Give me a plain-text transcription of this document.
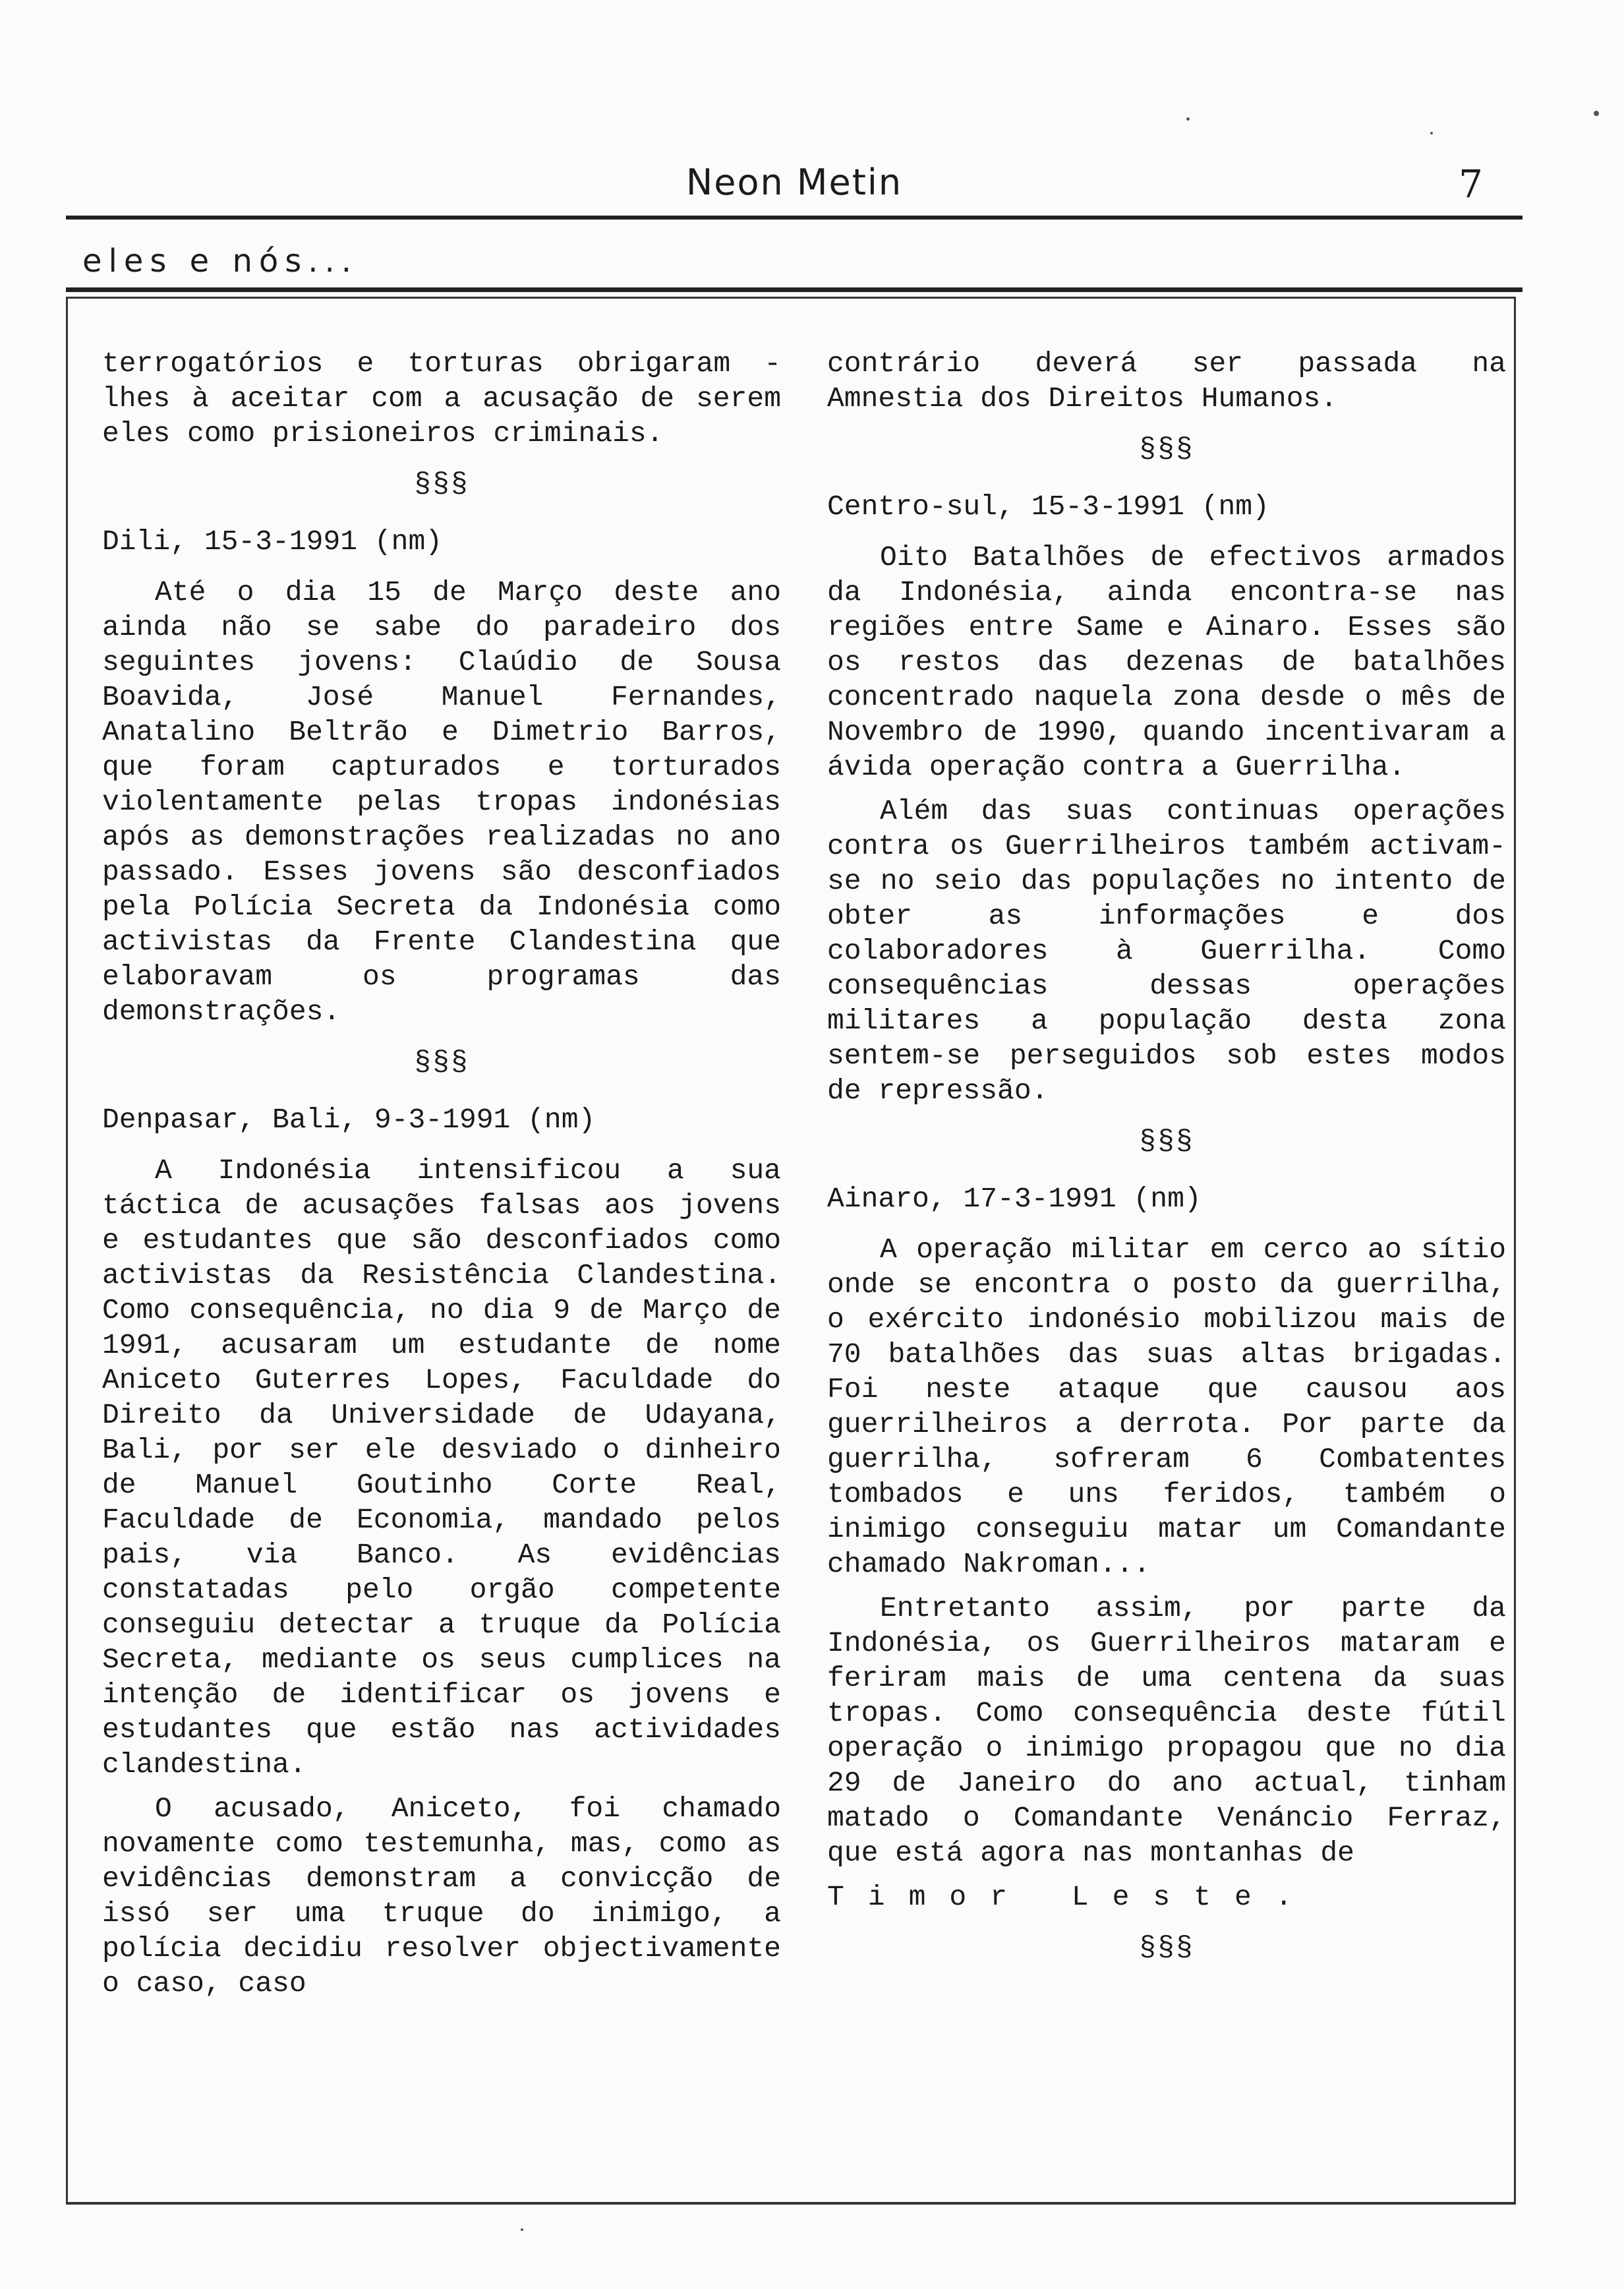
Neon Metin	7
eles e nós...

terrogatórios e torturas obrigaram -lhes à aceitar com a acusação de serem eles como prisioneiros criminais.

§§§
Dili, 15-3-1991 (nm)

Até o dia 15 de Março deste ano ainda não se sabe do paradeiro dos seguintes jovens: Claúdio de Sousa Boavida, José Manuel Fernandes, Anatalino Beltrão e Dimetrio Barros, que foram capturados e torturados violentamente pelas tropas indonésias após as demonstrações realizadas no ano passado. Esses jovens são desconfiados pela Polícia Secreta da Indonésia como activistas da Frente Clandestina que elaboravam os programas das demonstrações.

§§§
Denpasar, Bali, 9-3-1991 (nm)

A Indonésia intensificou a sua táctica de acusações falsas aos jovens e estudantes que são desconfiados como activistas da Resistência Clandestina. Como consequência, no dia 9 de Março de 1991, acusaram um estudante de nome Aniceto Guterres Lopes, Faculdade do Direito da Universidade de Udayana, Bali, por ser ele desviado o dinheiro de Manuel Goutinho Corte Real, Faculdade de Economia, mandado pelos pais, via Banco. As evidências constatadas pelo orgão competente conseguiu detectar a truque da Polícia Secreta, mediante os seus cumplices na intenção de identificar os jovens e estudantes que estão nas actividades clandestina.

O acusado, Aniceto, foi chamado novamente como testemunha, mas, como as evidências demonstram a convicção de issó ser uma truque do inimigo, a polícia decidiu resolver objectivamente o caso, caso

contrário deverá ser passada na Amnestia dos Direitos Humanos.

§§§
Centro-sul, 15-3-1991 (nm)

Oito Batalhões de efectivos armados da Indonésia, ainda encontra-se nas regiões entre Same e Ainaro. Esses são os restos das dezenas de batalhões concentrado naquela zona desde o mês de Novembro de 1990, quando incentivaram a ávida operação contra a Guerrilha.

Além das suas continuas operações contra os Guerrilheiros também activam-se no seio das populações no intento de obter as informações e dos colaboradores à Guerrilha. Como consequências dessas operações militares a população desta zona sentem-se perseguidos sob estes modos de repressão.

§§§
Ainaro, 17-3-1991 (nm)

A operação militar em cerco ao sítio onde se encontra o posto da guerrilha, o exército indonésio mobilizou mais de 70 batalhões das suas altas brigadas. Foi neste ataque que causou aos guerrilheiros a derrota. Por parte da guerrilha, sofreram 6 Combatentes tombados e uns feridos, também o inimigo conseguiu matar um Comandante chamado Nakroman...

Entretanto assim, por parte da Indonésia, os Guerrilheiros mataram e feriram mais de uma centena da suas tropas. Como consequência deste fútil operação o inimigo propagou que no dia 29 de Janeiro do ano actual, tinham matado o Comandante Venáncio Ferraz, que está agora nas montanhas de

Timor Leste.

§§§
